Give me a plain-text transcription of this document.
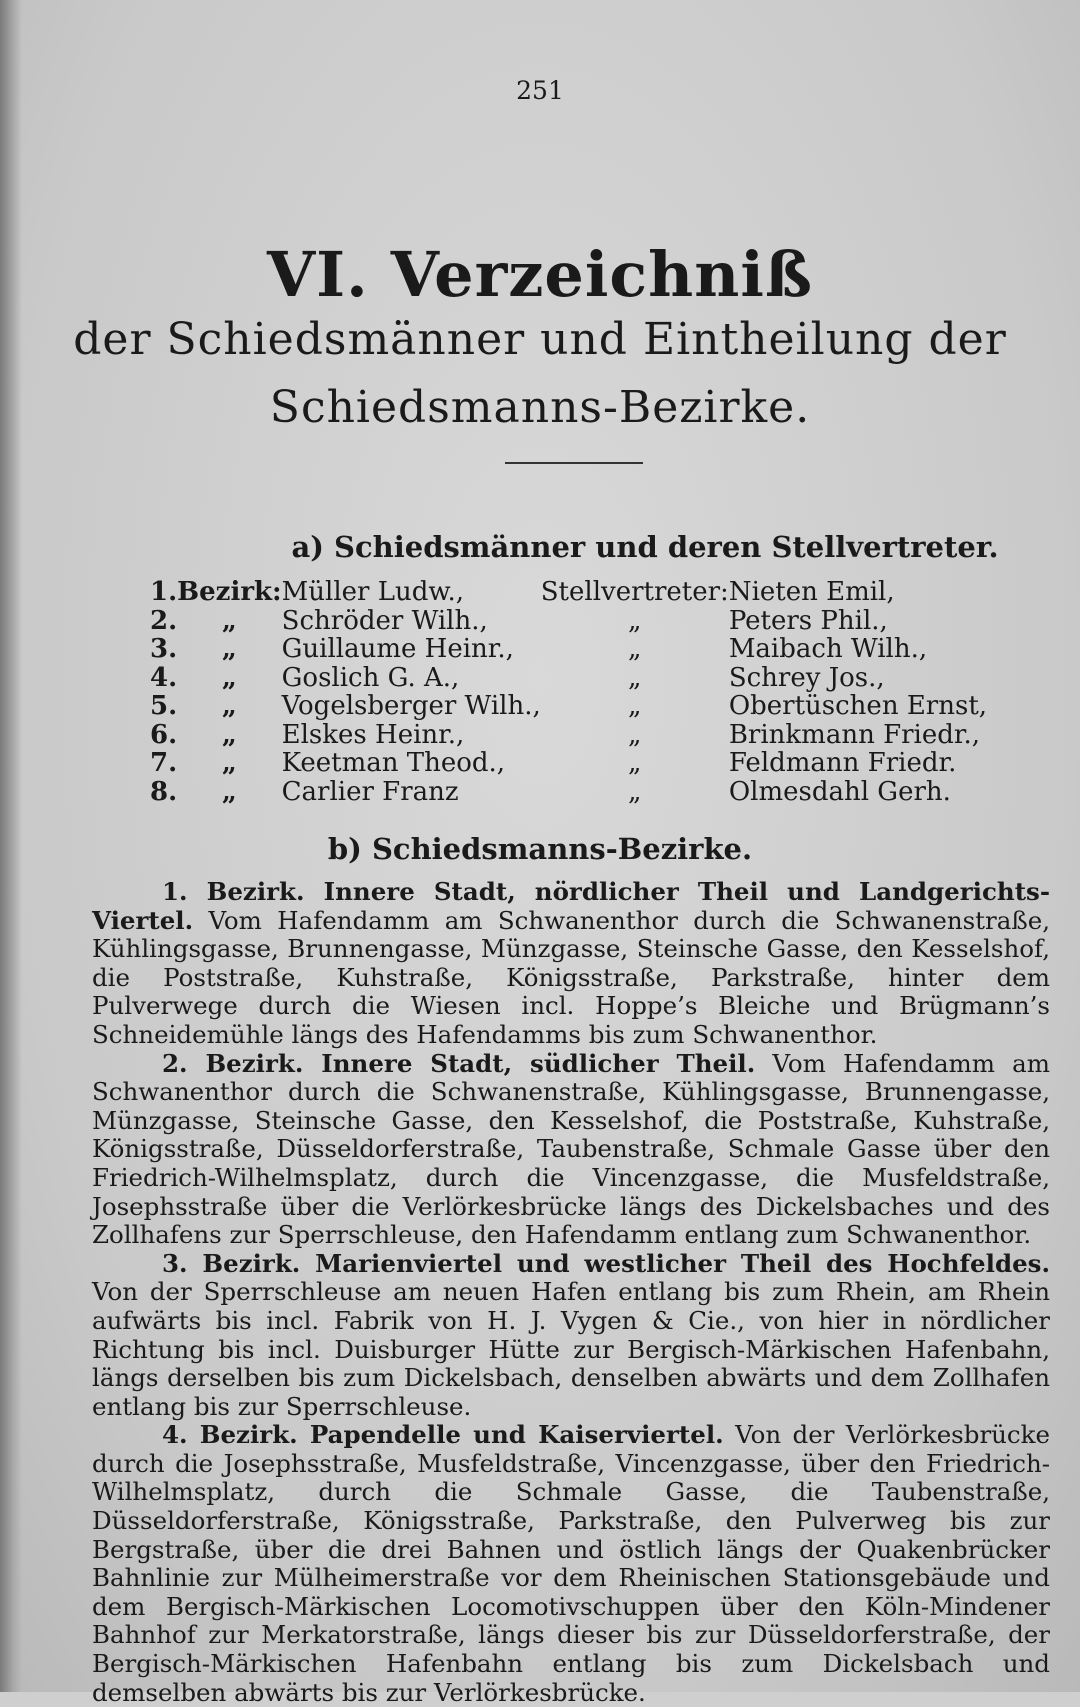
251
VI. Verzeichniß
der Schiedsmänner und Eintheilung der
Schiedsmanns-Bezirke.
a) Schiedsmänner und deren Stellvertreter.
1.	Bezirk:	Müller Ludw.,	Stellvertreter:	Nieten Emil,
2.	„	Schröder Wilh.,	„	Peters Phil.,
3.	„	Guillaume Heinr.,	„	Maibach Wilh.,
4.	„	Goslich G. A.,	„	Schrey Jos.,
5.	„	Vogelsberger Wilh.,	„	Obertüschen Ernst,
6.	„	Elskes Heinr.,	„	Brinkmann Friedr.,
7.	„	Keetman Theod.,	„	Feldmann Friedr.
8.	„	Carlier Franz	„	Olmesdahl Gerh.
b) Schiedsmanns-Bezirke.

1. Bezirk. Innere Stadt, nördlicher Theil und Landgerichts-Viertel. Vom Hafendamm am Schwanenthor durch die Schwanenstraße, Kühlingsgasse, Brunnengasse, Münzgasse, Steinsche Gasse, den Kesselshof, die Poststraße, Kuhstraße, Königsstraße, Parkstraße, hinter dem Pulverwege durch die Wiesen incl. Hoppe’s Bleiche und Brügmann’s Schneidemühle längs des Hafendamms bis zum Schwanenthor.

2. Bezirk. Innere Stadt, südlicher Theil. Vom Hafendamm am Schwanenthor durch die Schwanenstraße, Kühlingsgasse, Brunnengasse, Münzgasse, Steinsche Gasse, den Kesselshof, die Poststraße, Kuhstraße, Königsstraße, Düsseldorferstraße, Taubenstraße, Schmale Gasse über den Friedrich-Wilhelmsplatz, durch die Vincenzgasse, die Musfeldstraße, Josephsstraße über die Verlörkesbrücke längs des Dickelsbaches und des Zollhafens zur Sperrschleuse, den Hafendamm entlang zum Schwanenthor.

3. Bezirk. Marienviertel und westlicher Theil des Hochfeldes. Von der Sperrschleuse am neuen Hafen entlang bis zum Rhein, am Rhein aufwärts bis incl. Fabrik von H. J. Vygen & Cie., von hier in nördlicher Richtung bis incl. Duisburger Hütte zur Bergisch-Märkischen Hafenbahn, längs derselben bis zum Dickelsbach, denselben abwärts und dem Zollhafen entlang bis zur Sperrschleuse.

4. Bezirk. Papendelle und Kaiserviertel. Von der Verlörkesbrücke durch die Josephsstraße, Musfeldstraße, Vincenzgasse, über den Friedrich-Wilhelmsplatz, durch die Schmale Gasse, die Taubenstraße, Düsseldorferstraße, Königsstraße, Parkstraße, den Pulverweg bis zur Bergstraße, über die drei Bahnen und östlich längs der Quakenbrücker Bahnlinie zur Mülheimerstraße vor dem Rheinischen Stationsgebäude und dem Bergisch-Märkischen Locomotivschuppen über den Köln-Mindener Bahnhof zur Merkatorstraße, längs dieser bis zur Düsseldorferstraße, der Bergisch-Märkischen Hafenbahn entlang bis zum Dickelsbach und demselben abwärts bis zur Verlörkesbrücke.
